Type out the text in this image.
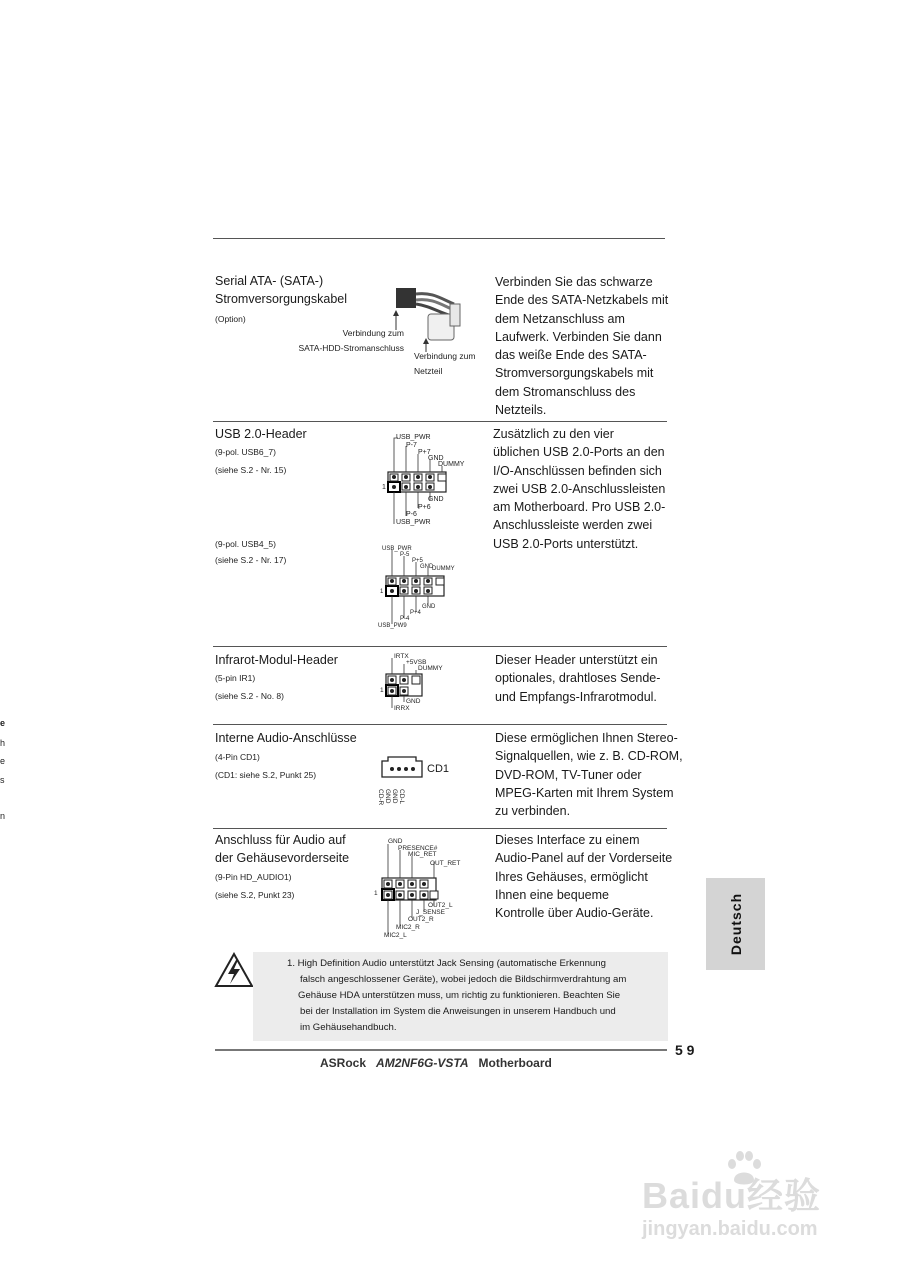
e
h
e
s
n
Serial ATA- (SATA-)
Stromversorgungskabel
(Option)
Verbindung zum
SATA-HDD-Stromanschluss
Verbindung zum
Netzteil
Verbinden Sie das schwarze
Ende des SATA-Netzkabels mit
dem Netzanschluss am
Laufwerk. Verbinden Sie dann
das weiße Ende des SATA-
Stromversorgungskabels mit
dem Stromanschluss des
Netzteils.
USB 2.0-Header
(9-pol. USB6_7)
(siehe S.2 - Nr. 15)
(9-pol. USB4_5)
(siehe S.2 - Nr. 17)
USB_PWR
P-7
P+7
GND
DUMMY
GND
P+6
P-6
USB_PWR
1
USB_PWR
P-5
P+5
GND
DUMMY
GND
P+4
P-4
USB_PW9
1
Zusätzlich zu den vier
üblichen USB 2.0-Ports an den
I/O-Anschlüssen befinden sich
zwei USB 2.0-Anschlussleisten
am Motherboard. Pro USB 2.0-
Anschlussleiste werden zwei
USB 2.0-Ports unterstützt.
Infrarot-Modul-Header
(5-pin IR1)
(siehe S.2 - No. 8)
IRTX
+5VSB
DUMMY
GND
IRRX
1
Dieser Header unterstützt ein
optionales, drahtloses Sende-
und Empfangs-Infrarotmodul.
Interne Audio-Anschlüsse
(4-Pin CD1)
(CD1: siehe S.2, Punkt 25)	CD1
CD-R GND GND CD-L
Diese ermöglichen Ihnen Stereo-
Signalquellen, wie z. B. CD-ROM,
DVD-ROM, TV-Tuner oder
MPEG-Karten mit Ihrem System
zu verbinden.
Anschluss für Audio auf
der Gehäusevorderseite
(9-Pin HD_AUDIO1)
(siehe S.2, Punkt 23)
GND
PRESENCE#
MIC_RET
OUT_RET
OUT2_L
J_SENSE
OUT2_R
MIC2_R
MIC2_L
1
Dieses Interface zu einem
Audio-Panel auf der Vorderseite
Ihres Gehäuses, ermöglicht
Ihnen eine bequeme
Kontrolle über Audio-Geräte.	Deutsch
1. High Definition Audio unterstützt Jack Sensing (automatische Erkennung
falsch angeschlossener Geräte), wobei jedoch die Bildschirmverdrahtung am
Gehäuse HDA unterstützen muss, um richtig zu funktionieren. Beachten Sie
bei der Installation im System die Anweisungen in unserem Handbuch und
im Gehäusehandbuch.
5 9
ASRock AM2NF6G-VSTA Motherboard
Baidu经验
jingyan.baidu.com
